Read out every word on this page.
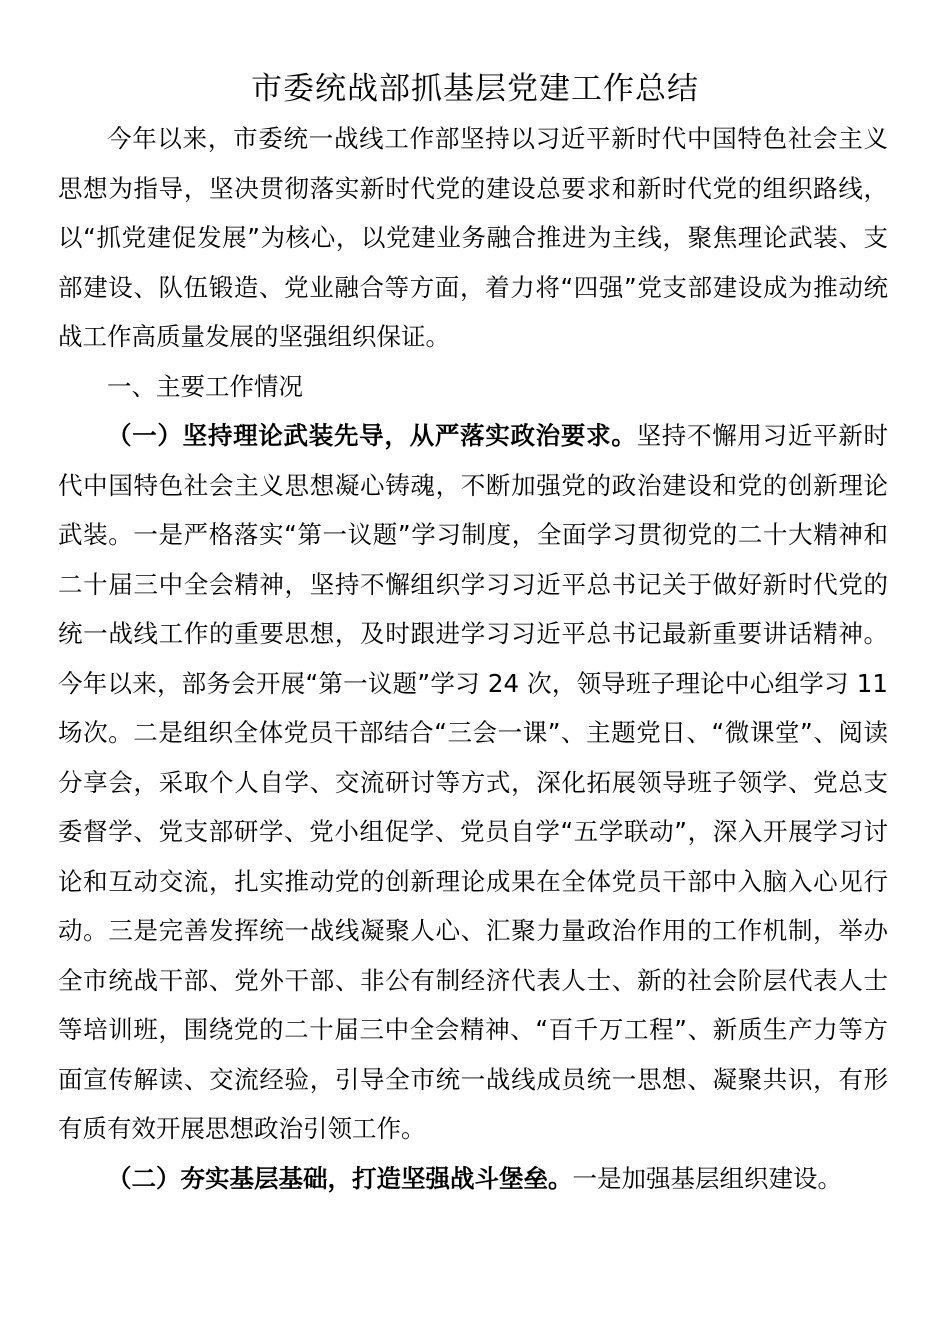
市委统战部抓基层党建工作总结

今年以来，市委统一战线工作部坚持以习近平新时代中国特色社会主义思想为指导，坚决贯彻落实新时代党的建设总要求和新时代党的组织路线，以“抓党建促发展”为核心，以党建业务融合推进为主线，聚焦理论武装、支部建设、队伍锻造、党业融合等方面，着力将“四强”党支部建设成为推动统战工作高质量发展的坚强组织保证。

一、主要工作情况

（一）坚持理论武装先导，从严落实政治要求。坚持不懈用习近平新时代中国特色社会主义思想凝心铸魂，不断加强党的政治建设和党的创新理论武装。一是严格落实“第一议题”学习制度，全面学习贯彻党的二十大精神和二十届三中全会精神，坚持不懈组织学习习近平总书记关于做好新时代党的统一战线工作的重要思想，及时跟进学习习近平总书记最新重要讲话精神。今年以来，部务会开展“第一议题”学习 24 次，领导班子理论中心组学习 11 场次。二是组织全体党员干部结合“三会一课”、主题党日、“微课堂”、阅读分享会，采取个人自学、交流研讨等方式，深化拓展领导班子领学、党总支委督学、党支部研学、党小组促学、党员自学“五学联动”，深入开展学习讨论和互动交流，扎实推动党的创新理论成果在全体党员干部中入脑入心见行动。三是完善发挥统一战线凝聚人心、汇聚力量政治作用的工作机制，举办全市统战干部、党外干部、非公有制经济代表人士、新的社会阶层代表人士等培训班，围绕党的二十届三中全会精神、“百千万工程”、新质生产力等方面宣传解读、交流经验，引导全市统一战线成员统一思想、凝聚共识，有形有质有效开展思想政治引领工作。

（二）夯实基层基础，打造坚强战斗堡垒。一是加强基层组织建设。
